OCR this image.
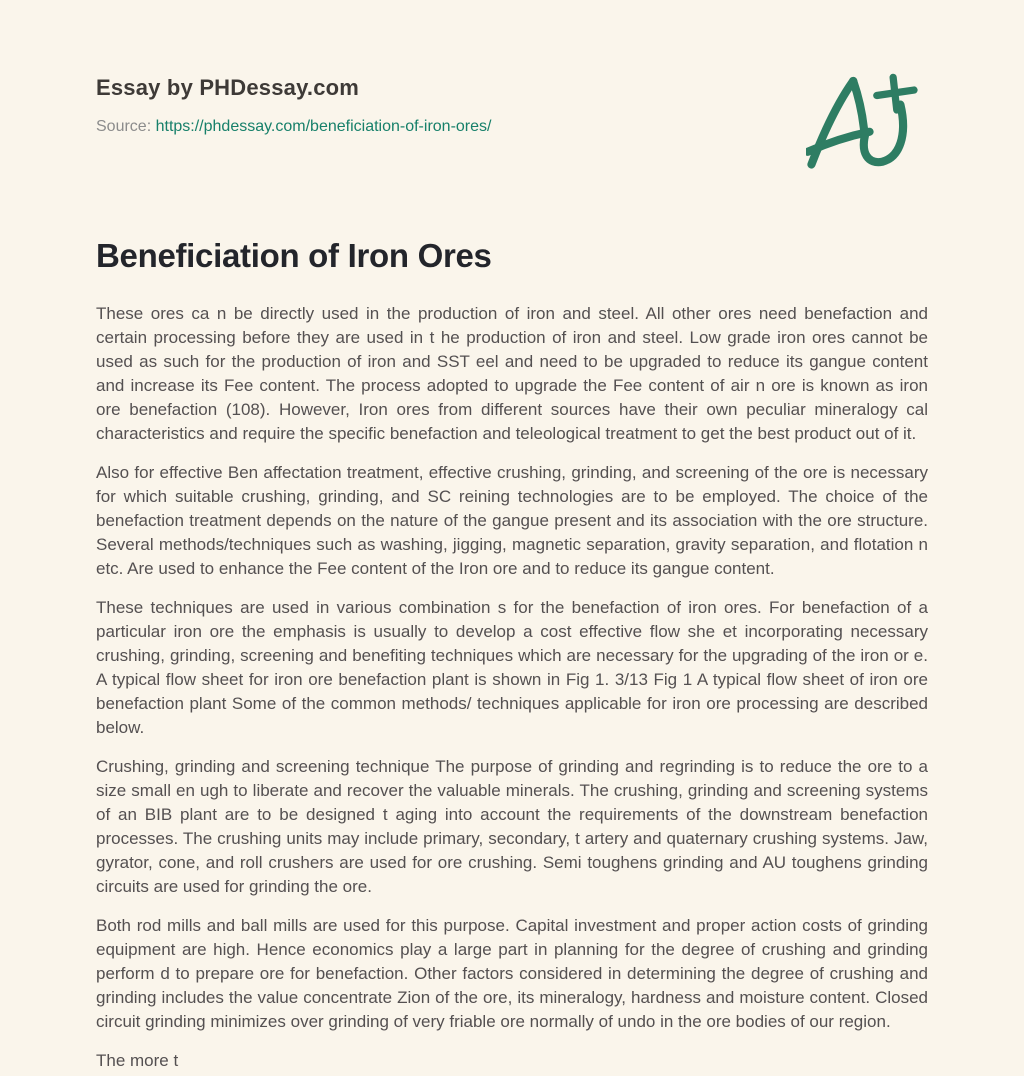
Essay by PHDessay.com
Source: https://phdessay.com/beneficiation-of-iron-ores/
Beneficiation of Iron Ores

These ores ca n be directly used in the production of iron and steel. All other ores need benefaction and certain processing before they are used in t he production of iron and steel. Low grade iron ores cannot be used as such for the production of iron and SST eel and need to be upgraded to reduce its gangue content and increase its Fee content. The process adopted to upgrade the Fee content of air n ore is known as iron ore benefaction (108). However, Iron ores from different sources have their own peculiar mineralogy cal characteristics and require the specific benefaction and teleological treatment to get the best product out of it.

Also for effective Ben affectation treatment, effective crushing, grinding, and screening of the ore is necessary for which suitable crushing, grinding, and SC reining technologies are to be employed. The choice of the benefaction treatment depends on the nature of the gangue present and its association with the ore structure. Several methods/techniques such as washing, jigging, magnetic separation, gravity separation, and flotation n etc. Are used to enhance the Fee content of the Iron ore and to reduce its gangue content.

These techniques are used in various combination s for the benefaction of iron ores. For benefaction of a particular iron ore the emphasis is usually to develop a cost effective flow she et incorporating necessary crushing, grinding, screening and benefiting techniques which are necessary for the upgrading of the iron or e. A typical flow sheet for iron ore benefaction plant is shown in Fig 1. 3/13 Fig 1 A typical flow sheet of iron ore benefaction plant Some of the common methods/ techniques applicable for iron ore processing are described below.

Crushing, grinding and screening technique The purpose of grinding and regrinding is to reduce the ore to a size small en ugh to liberate and recover the valuable minerals. The crushing, grinding and screening systems of an BIB plant are to be designed t aging into account the requirements of the downstream benefaction processes. The crushing units may include primary, secondary, t artery and quaternary crushing systems. Jaw, gyrator, cone, and roll crushers are used for ore crushing. Semi toughens grinding and AU toughens grinding circuits are used for grinding the ore.

Both rod mills and ball mills are used for this purpose. Capital investment and proper action costs of grinding equipment are high. Hence economics play a large part in planning for the degree of crushing and grinding perform d to prepare ore for benefaction. Other factors considered in determining the degree of crushing and grinding includes the value concentrate Zion of the ore, its mineralogy, hardness and moisture content. Closed circuit grinding minimizes over grinding of very friable ore normally of undo in the ore bodies of our region.

The more t
